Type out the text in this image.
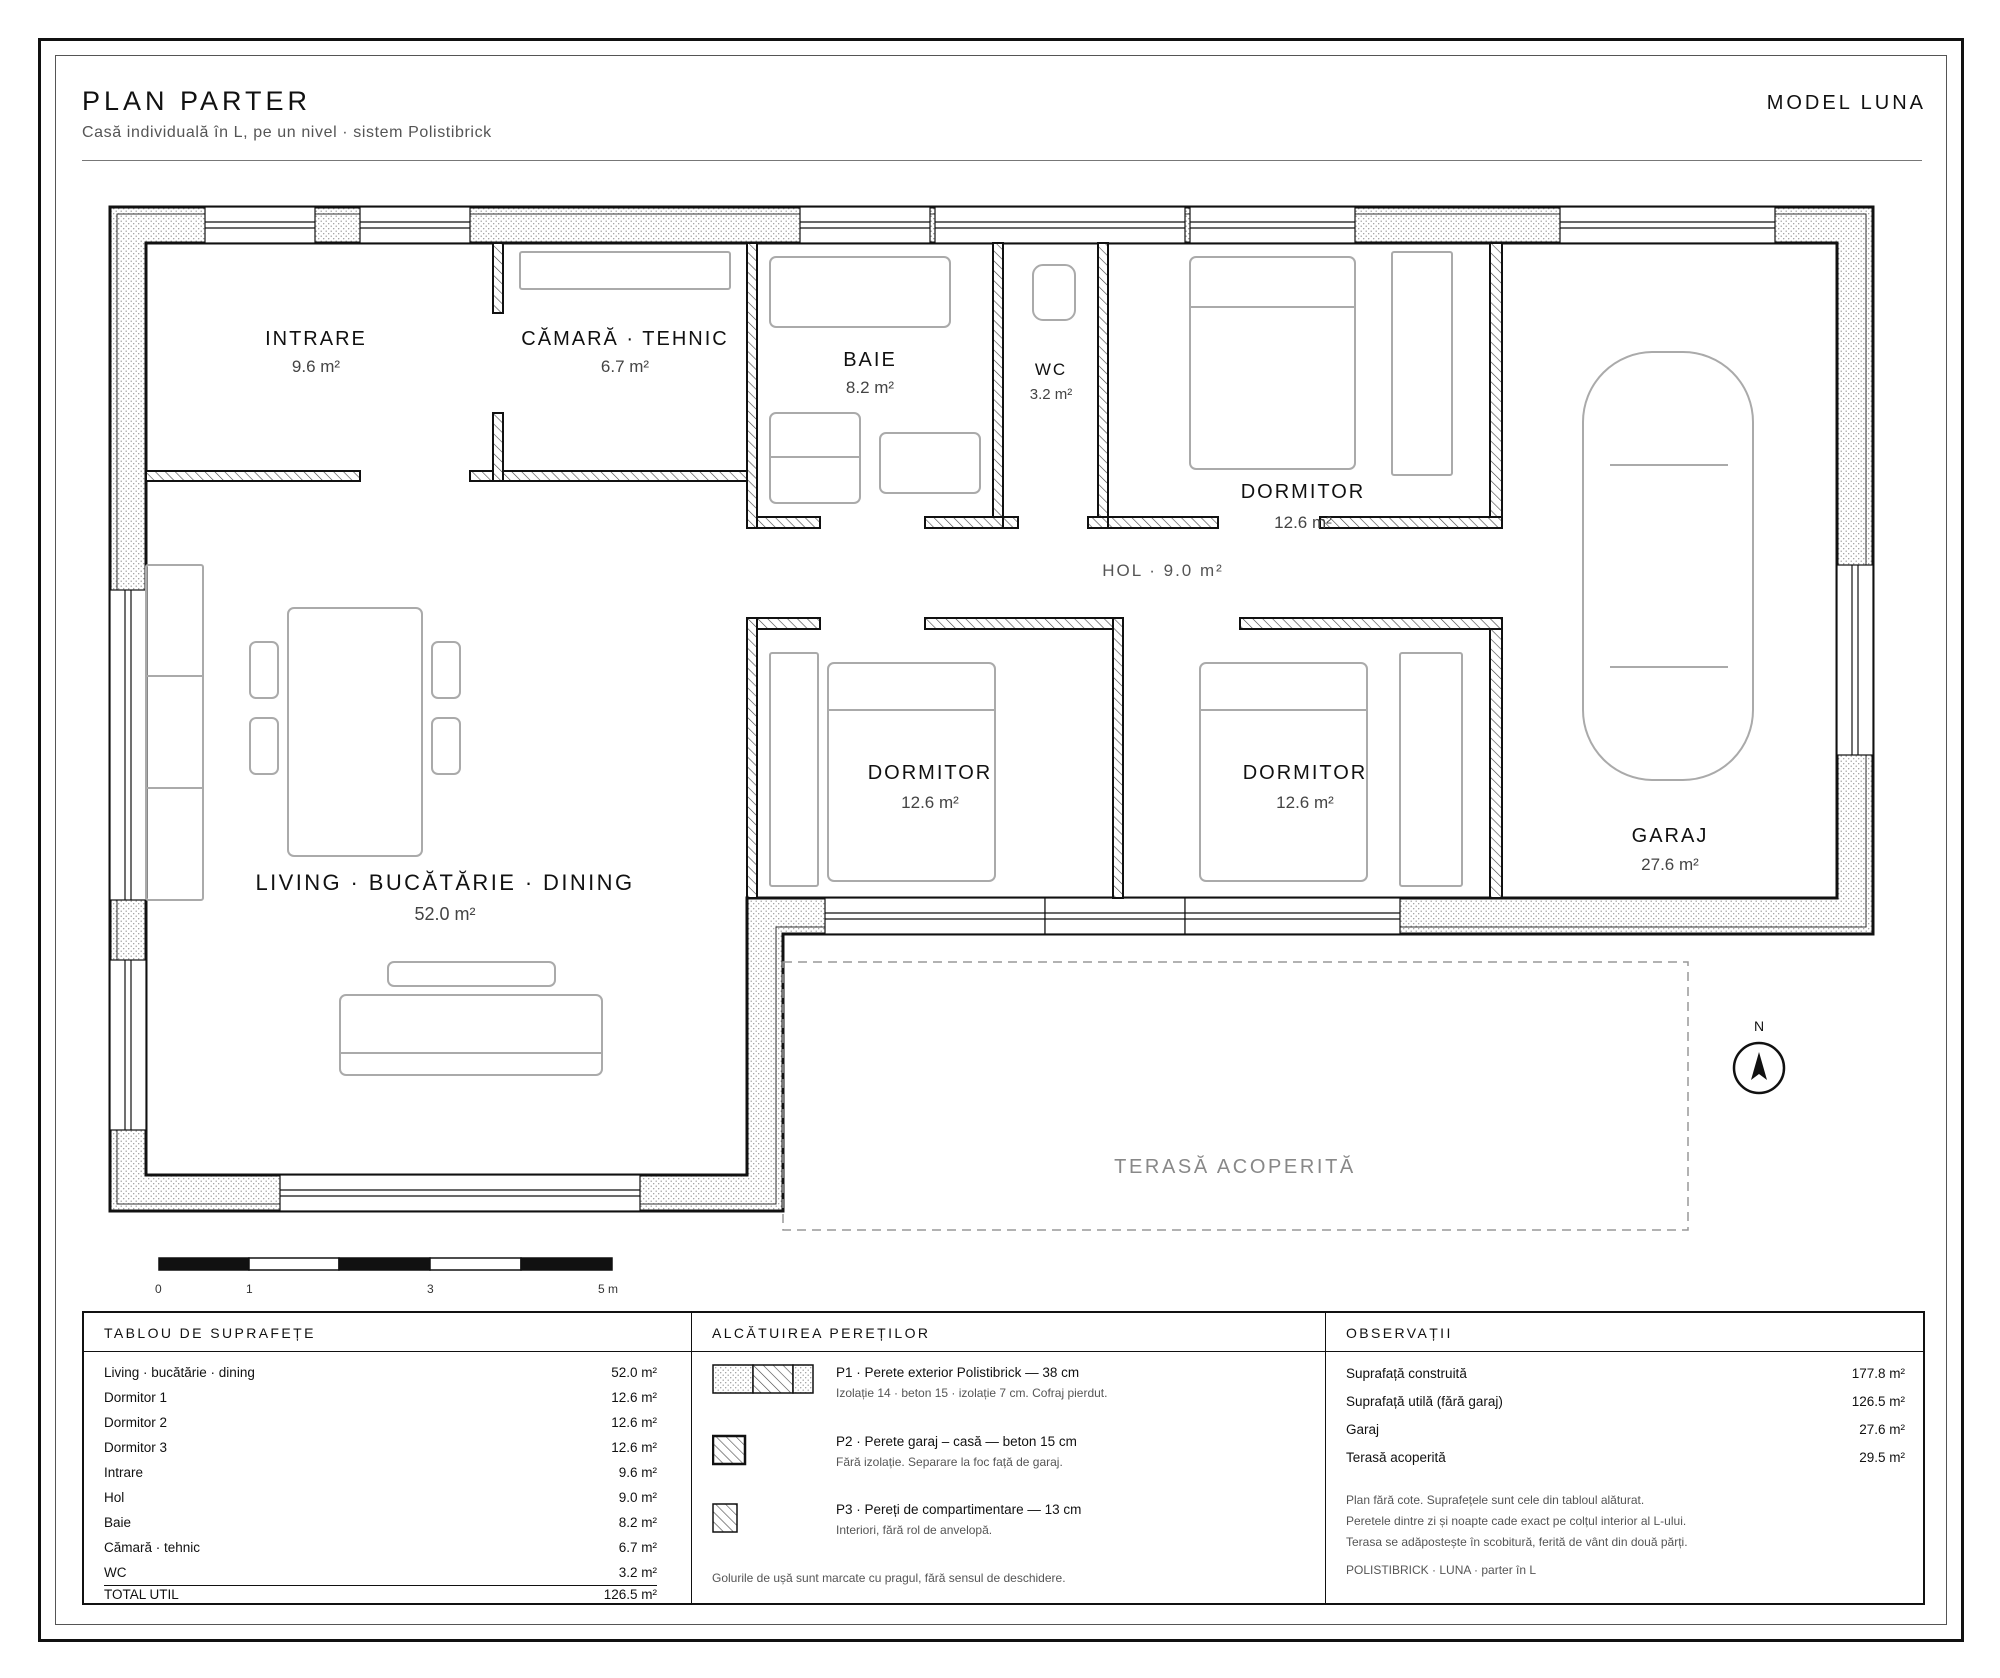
PLAN PARTER
Casă individuală în L, pe un nivel · sistem Polistibrick
MODEL LUNA
INTRARE
9.6 m²
CĂMARĂ · TEHNIC
6.7 m²	BAIE
8.2 m²
WC
3.2 m²
DORMITOR
12.6 m²
HOL · 9.0 m²
DORMITOR
12.6 m²
DORMITOR
12.6 m²
GARAJ
27.6 m²
LIVING · BUCĂTĂRIE · DINING
52.0 m²
TERASĂ ACOPERITĂ
N
0	1	3	5 m
TABLOU DE SUPRAFEȚE
Living · bucătărie · dining	52.0 m²
Dormitor 1	12.6 m²
Dormitor 2	12.6 m²
Dormitor 3	12.6 m²
Intrare	9.6 m²
Hol	9.0 m²
Baie	8.2 m²
Cămară · tehnic	6.7 m²
WC	3.2 m²
TOTAL UTIL	126.5 m²
ALCĂTUIREA PEREȚILOR
P1 · Perete exterior Polistibrick — 38 cm
Izolație 14 · beton 15 · izolație 7 cm. Cofraj pierdut.
P2 · Perete garaj – casă — beton 15 cm
Fără izolație. Separare la foc față de garaj.
P3 · Pereți de compartimentare — 13 cm
Interiori, fără rol de anvelopă.
Golurile de ușă sunt marcate cu pragul, fără sensul de deschidere.
OBSERVAȚII
Suprafață construită	177.8 m²
Suprafață utilă (fără garaj)	126.5 m²
Garaj	27.6 m²
Terasă acoperită	29.5 m²
Plan fără cote. Suprafețele sunt cele din tabloul alăturat.
Peretele dintre zi și noapte cade exact pe colțul interior al L-ului.
Terasa se adăpostește în scobitură, ferită de vânt din două părți.
POLISTIBRICK · LUNA · parter în L
